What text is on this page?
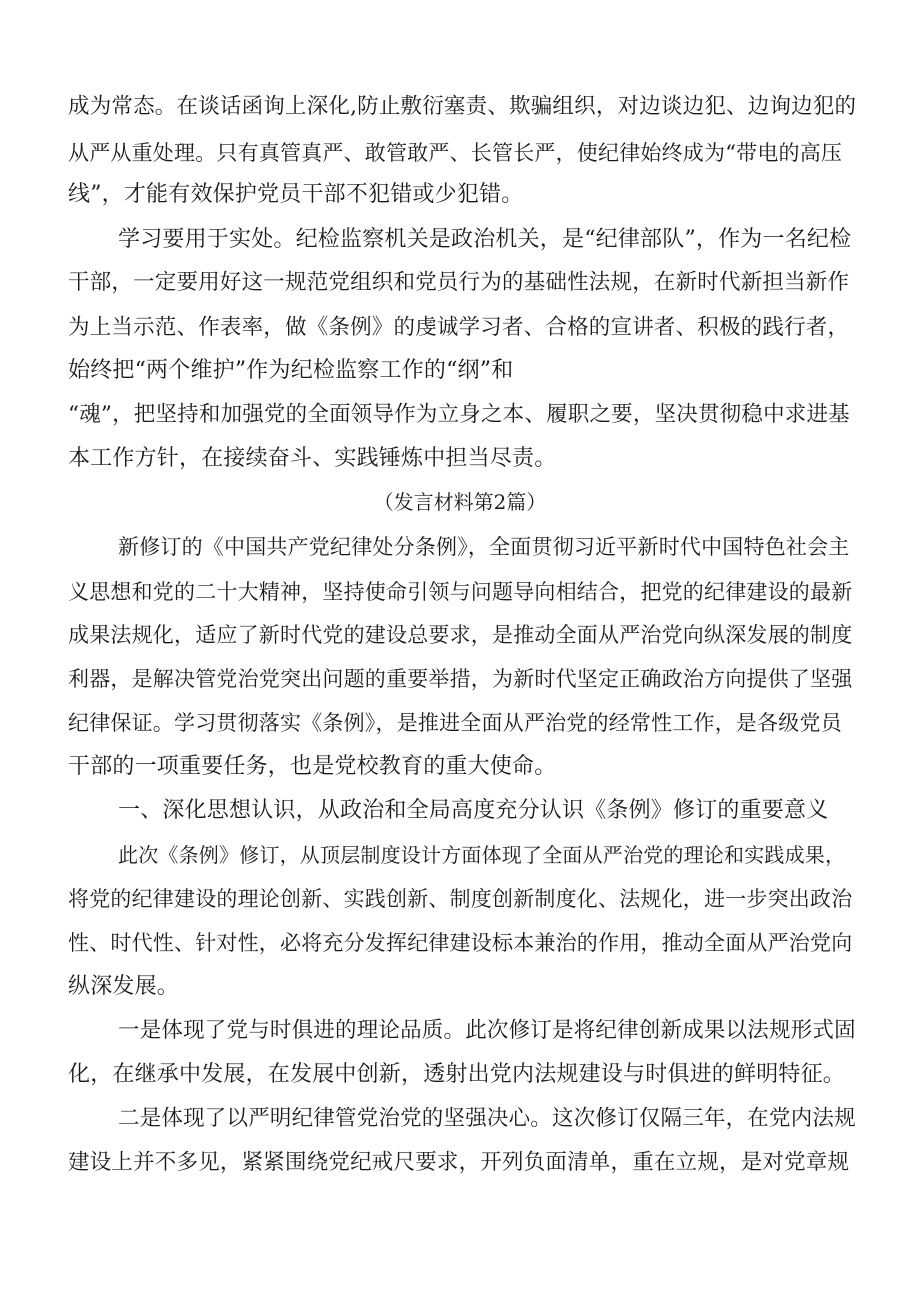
成为常态。在谈话函询上深化,防止敷衍塞责、欺骗组织，对边谈边犯、边询边犯的
从严从重处理。只有真管真严、敢管敢严、长管长严，使纪律始终成为“带电的高压
线”，才能有效保护党员干部不犯错或少犯错。
学习要用于实处。纪检监察机关是政治机关，是“纪律部队”，作为一名纪检
干部，一定要用好这一规范党组织和党员行为的基础性法规，在新时代新担当新作
为上当示范、作表率，做《条例》的虔诚学习者、合格的宣讲者、积极的践行者，
始终把“两个维护”作为纪检监察工作的“纲”和
“魂”，把坚持和加强党的全面领导作为立身之本、履职之要，坚决贯彻稳中求进基
本工作方针，在接续奋斗、实践锤炼中担当尽责。
（发言材料第2篇）
新修订的《中国共产党纪律处分条例》，全面贯彻习近平新时代中国特色社会主
义思想和党的二十大精神，坚持使命引领与问题导向相结合，把党的纪律建设的最新
成果法规化，适应了新时代党的建设总要求，是推动全面从严治党向纵深发展的制度
利器，是解决管党治党突出问题的重要举措，为新时代坚定正确政治方向提供了坚强
纪律保证。学习贯彻落实《条例》，是推进全面从严治党的经常性工作，是各级党员
干部的一项重要任务，也是党校教育的重大使命。
一、深化思想认识，从政治和全局高度充分认识《条例》修订的重要意义
此次《条例》修订，从顶层制度设计方面体现了全面从严治党的理论和实践成果，
将党的纪律建设的理论创新、实践创新、制度创新制度化、法规化，进一步突出政治
性、时代性、针对性，必将充分发挥纪律建设标本兼治的作用，推动全面从严治党向
纵深发展。
一是体现了党与时俱进的理论品质。此次修订是将纪律创新成果以法规形式固
化，在继承中发展，在发展中创新，透射出党内法规建设与时俱进的鲜明特征。
二是体现了以严明纪律管党治党的坚强决心。这次修订仅隔三年，在党内法规
建设上并不多见，紧紧围绕党纪戒尺要求，开列负面清单，重在立规，是对党章规
